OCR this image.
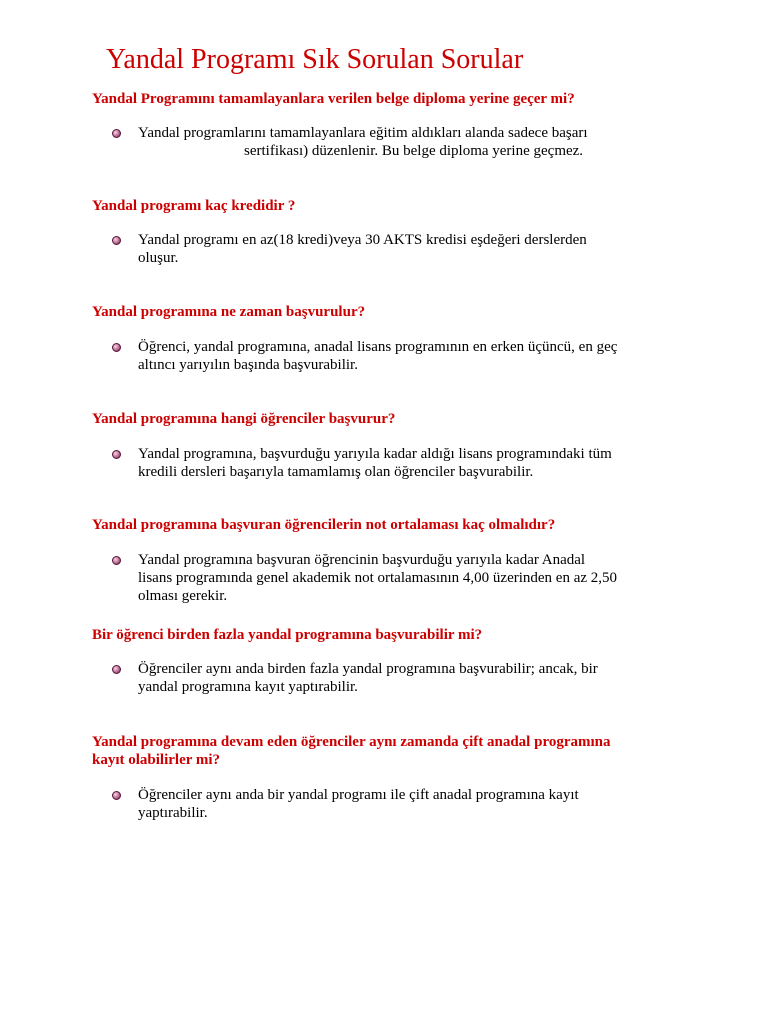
Yandal Programı Sık Sorulan Sorular

Yandal Programını tamamlayanlara verilen belge diploma yerine geçer mi?

Yandal programlarını tamamlayanlara eğitim aldıkları alanda sadece başarı
sertifikası) düzenlenir. Bu belge diploma yerine geçmez.

Yandal programı kaç kredidir ?

Yandal programı en az(18 kredi)veya 30 AKTS kredisi eşdeğeri derslerden
oluşur.

Yandal programına ne zaman başvurulur?

Öğrenci, yandal programına, anadal lisans programının en erken üçüncü, en geç
altıncı yarıyılın başında başvurabilir.

Yandal programına hangi öğrenciler başvurur?

Yandal programına, başvurduğu yarıyıla kadar aldığı lisans programındaki tüm
kredili dersleri başarıyla tamamlamış olan öğrenciler başvurabilir.

Yandal programına başvuran öğrencilerin not ortalaması kaç olmalıdır?

Yandal programına başvuran öğrencinin başvurduğu yarıyıla kadar Anadal
lisans programında genel akademik not ortalamasının 4,00 üzerinden en az 2,50
olması gerekir.

Bir öğrenci birden fazla yandal programına başvurabilir mi?

Öğrenciler aynı anda birden fazla yandal programına başvurabilir; ancak, bir
yandal programına kayıt yaptırabilir.
Yandal programına devam eden öğrenciler aynı zamanda çift anadal programına
kayıt olabilirler mi?
Öğrenciler aynı anda bir yandal programı ile çift anadal programına kayıt
yaptırabilir.
